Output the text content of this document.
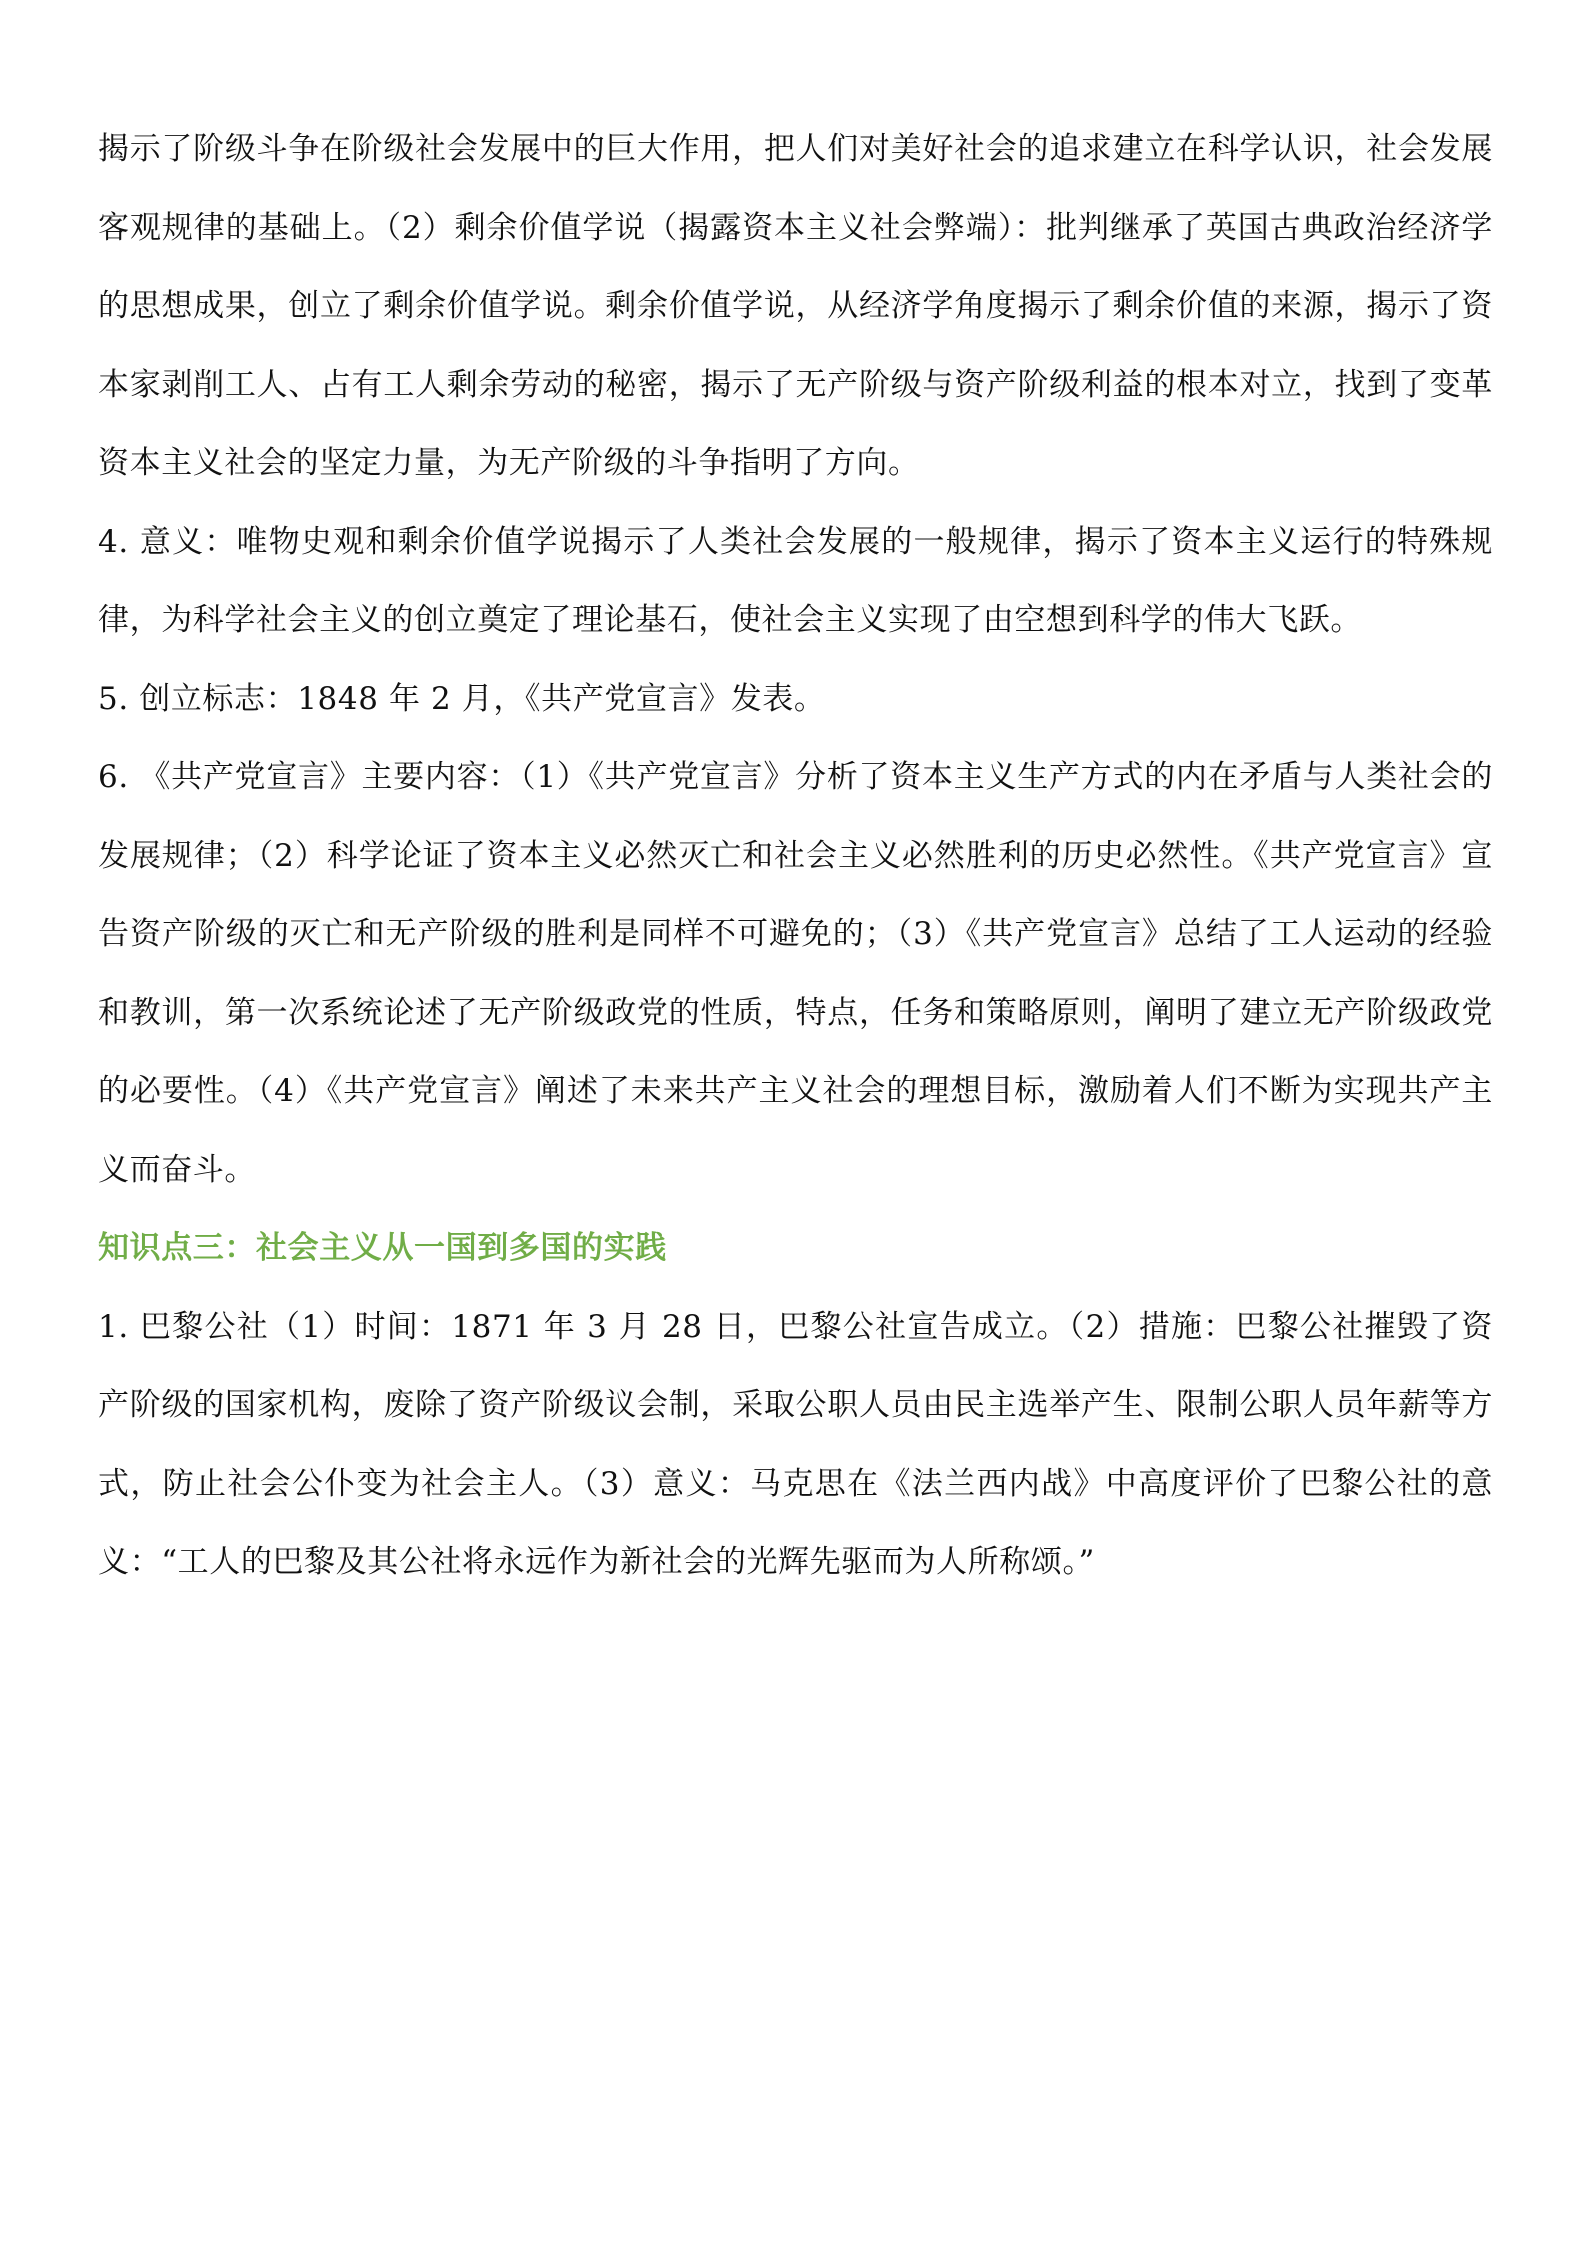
揭示了阶级斗争在阶级社会发展中的巨大作用，把人们对美好社会的追求建立在科学认识，社会发展客观规律的基础上。（2）剩余价值学说（揭露资本主义社会弊端）：批判继承了英国古典政治经济学的思想成果，创立了剩余价值学说。剩余价值学说，从经济学角度揭示了剩余价值的来源，揭示了资本家剥削工人、占有工人剩余劳动的秘密，揭示了无产阶级与资产阶级利益的根本对立，找到了变革资本主义社会的坚定力量，为无产阶级的斗争指明了方向。

4. 意义：唯物史观和剩余价值学说揭示了人类社会发展的一般规律，揭示了资本主义运行的特殊规律，为科学社会主义的创立奠定了理论基石，使社会主义实现了由空想到科学的伟大飞跃。

5. 创立标志：1848 年 2 月，《共产党宣言》发表。

6. 《共产党宣言》主要内容：（1）《共产党宣言》分析了资本主义生产方式的内在矛盾与人类社会的发展规律；（2）科学论证了资本主义必然灭亡和社会主义必然胜利的历史必然性。《共产党宣言》宣告资产阶级的灭亡和无产阶级的胜利是同样不可避免的；（3）《共产党宣言》总结了工人运动的经验和教训，第一次系统论述了无产阶级政党的性质，特点，任务和策略原则，阐明了建立无产阶级政党的必要性。（4）《共产党宣言》阐述了未来共产主义社会的理想目标，激励着人们不断为实现共产主义而奋斗。

知识点三：社会主义从一国到多国的实践

1. 巴黎公社（1）时间：1871 年 3 月 28 日，巴黎公社宣告成立。（2）措施：巴黎公社摧毁了资产阶级的国家机构，废除了资产阶级议会制，采取公职人员由民主选举产生、限制公职人员年薪等方式，防止社会公仆变为社会主人。（3）意义：马克思在《法兰西内战》中高度评价了巴黎公社的意义：“工人的巴黎及其公社将永远作为新社会的光辉先驱而为人所称颂。”
